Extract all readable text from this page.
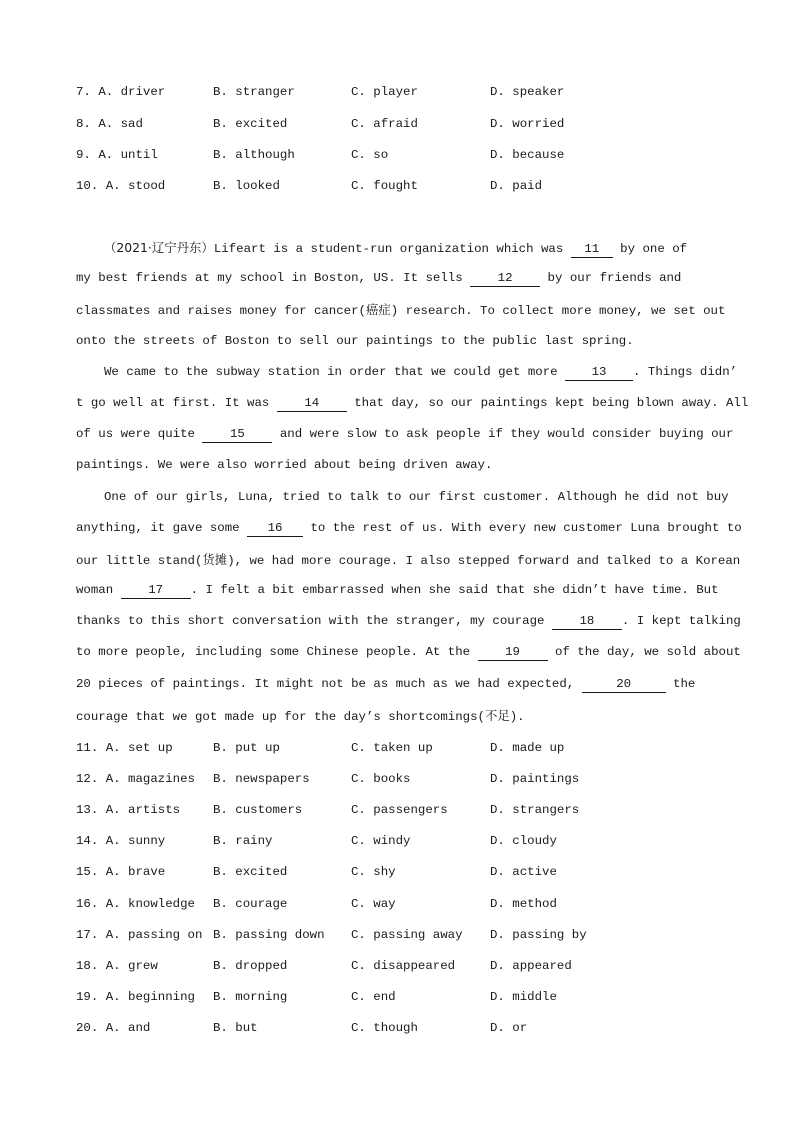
7. A. driver	B. stranger	C. player	D. speaker
8. A. sad	B. excited	C. afraid	D. worried
9. A. until	B. although	C. so	D. because
10. A. stood	B. looked	C. fought	D. paid
（2021·辽宁丹东）Lifeart is a student-run organization which was 11 by one of
my best friends at my school in Boston, US. It sells 12 by our friends and
classmates and raises money for cancer(癌症) research. To collect more money, we set out
onto the streets of Boston to sell our paintings to the public last spring.
We came to the subway station in order that we could get more 13 . Things didn’
t go well at first. It was 14 that day, so our paintings kept being blown away. All
of us were quite 15 and were slow to ask people if they would consider buying our
paintings. We were also worried about being driven away.
One of our girls, Luna, tried to talk to our first customer. Although he did not buy
anything, it gave some 16 to the rest of us. With every new customer Luna brought to
our little stand(货摊), we had more courage. I also stepped forward and talked to a Korean
woman 17 . I felt a bit embarrassed when she said that she didn’t have time. But
thanks to this short conversation with the stranger, my courage 18 . I kept talking
to more people, including some Chinese people. At the 19 of the day, we sold about
20 pieces of paintings. It might not be as much as we had expected,	20	the
courage that we got made up for the day’s shortcomings(不足).
11. A. set up	B. put up	C. taken up	D. made up
12. A. magazines B. newspapers	C. books	D. paintings
13. A. artists	B. customers	C. passengers	D. strangers
14. A. sunny	B. rainy	C. windy	D. cloudy
15. A. brave	B. excited	C. shy	D. active
16. A. knowledge B. courage	C. way	D. method
17. A. passing on B. passing down C. passing away D. passing by
18. A. grew	B. dropped	C. disappeared	D. appeared
19. A. beginning B. morning	C. end	D. middle
20. A. and	B. but	C. though	D. or
